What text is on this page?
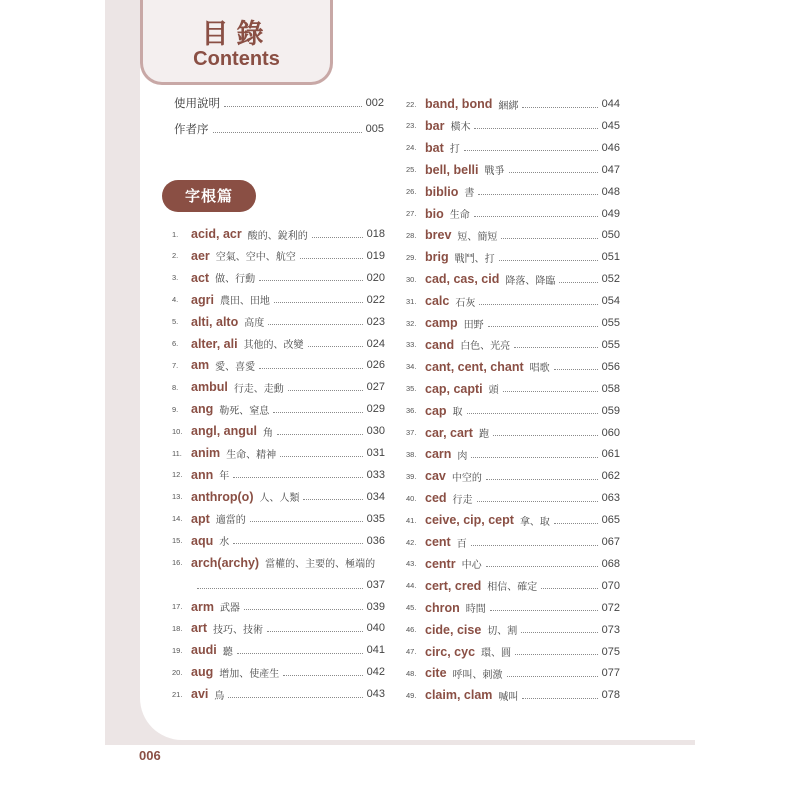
目錄
Contents
使用說明	002
作者序	005
字根篇
1.	acid, acr 酸的、銳利的	018
2.	aer 空氣、空中、航空	019
3.	act 做、行動	020
4.	agri 農田、田地	022
5.	alti, alto 高度	023
6.	alter, ali 其他的、改變	024
7.	am 愛、喜愛	026
8.	ambul 行走、走動	027
9.	ang 勒死、窒息	029
10. angl, angul 角	030
11. anim 生命、精神	031
12. ann 年	033
13. anthrop(o) 人、人類	034
14. apt 適當的	035
15. aqu 水	036
16. arch(archy) 當權的、主要的、極端的
037
17. arm 武器	039
18. art 技巧、技術	040
19. audi 聽	041
20. aug 增加、使產生	042
21. avi 鳥	043
22. band, bond 綑綁	044
23. bar 橫木	045
24. bat 打	046
25. bell, belli 戰爭	047
26. biblio 書	048
27. bio 生命	049
28. brev 短、簡短	050
29. brig 戰鬥、打	051
30. cad, cas, cid 降落、降臨	052
31. calc 石灰	054
32. camp 田野	055
33. cand 白色、光亮	055
34. cant, cent, chant 唱歌	056
35. cap, capti 頭	058
36. cap 取	059
37. car, cart 跑	060
38. carn 肉	061
39. cav 中空的	062
40. ced 行走	063
41. ceive, cip, cept 拿、取	065
42. cent 百	067
43. centr 中心	068
44. cert, cred 相信、確定	070
45. chron 時間	072
46. cide, cise 切、割	073
47. circ, cyc 環、圓	075
48. cite 呼叫、刺激	077
49. claim, clam 喊叫	078
006
